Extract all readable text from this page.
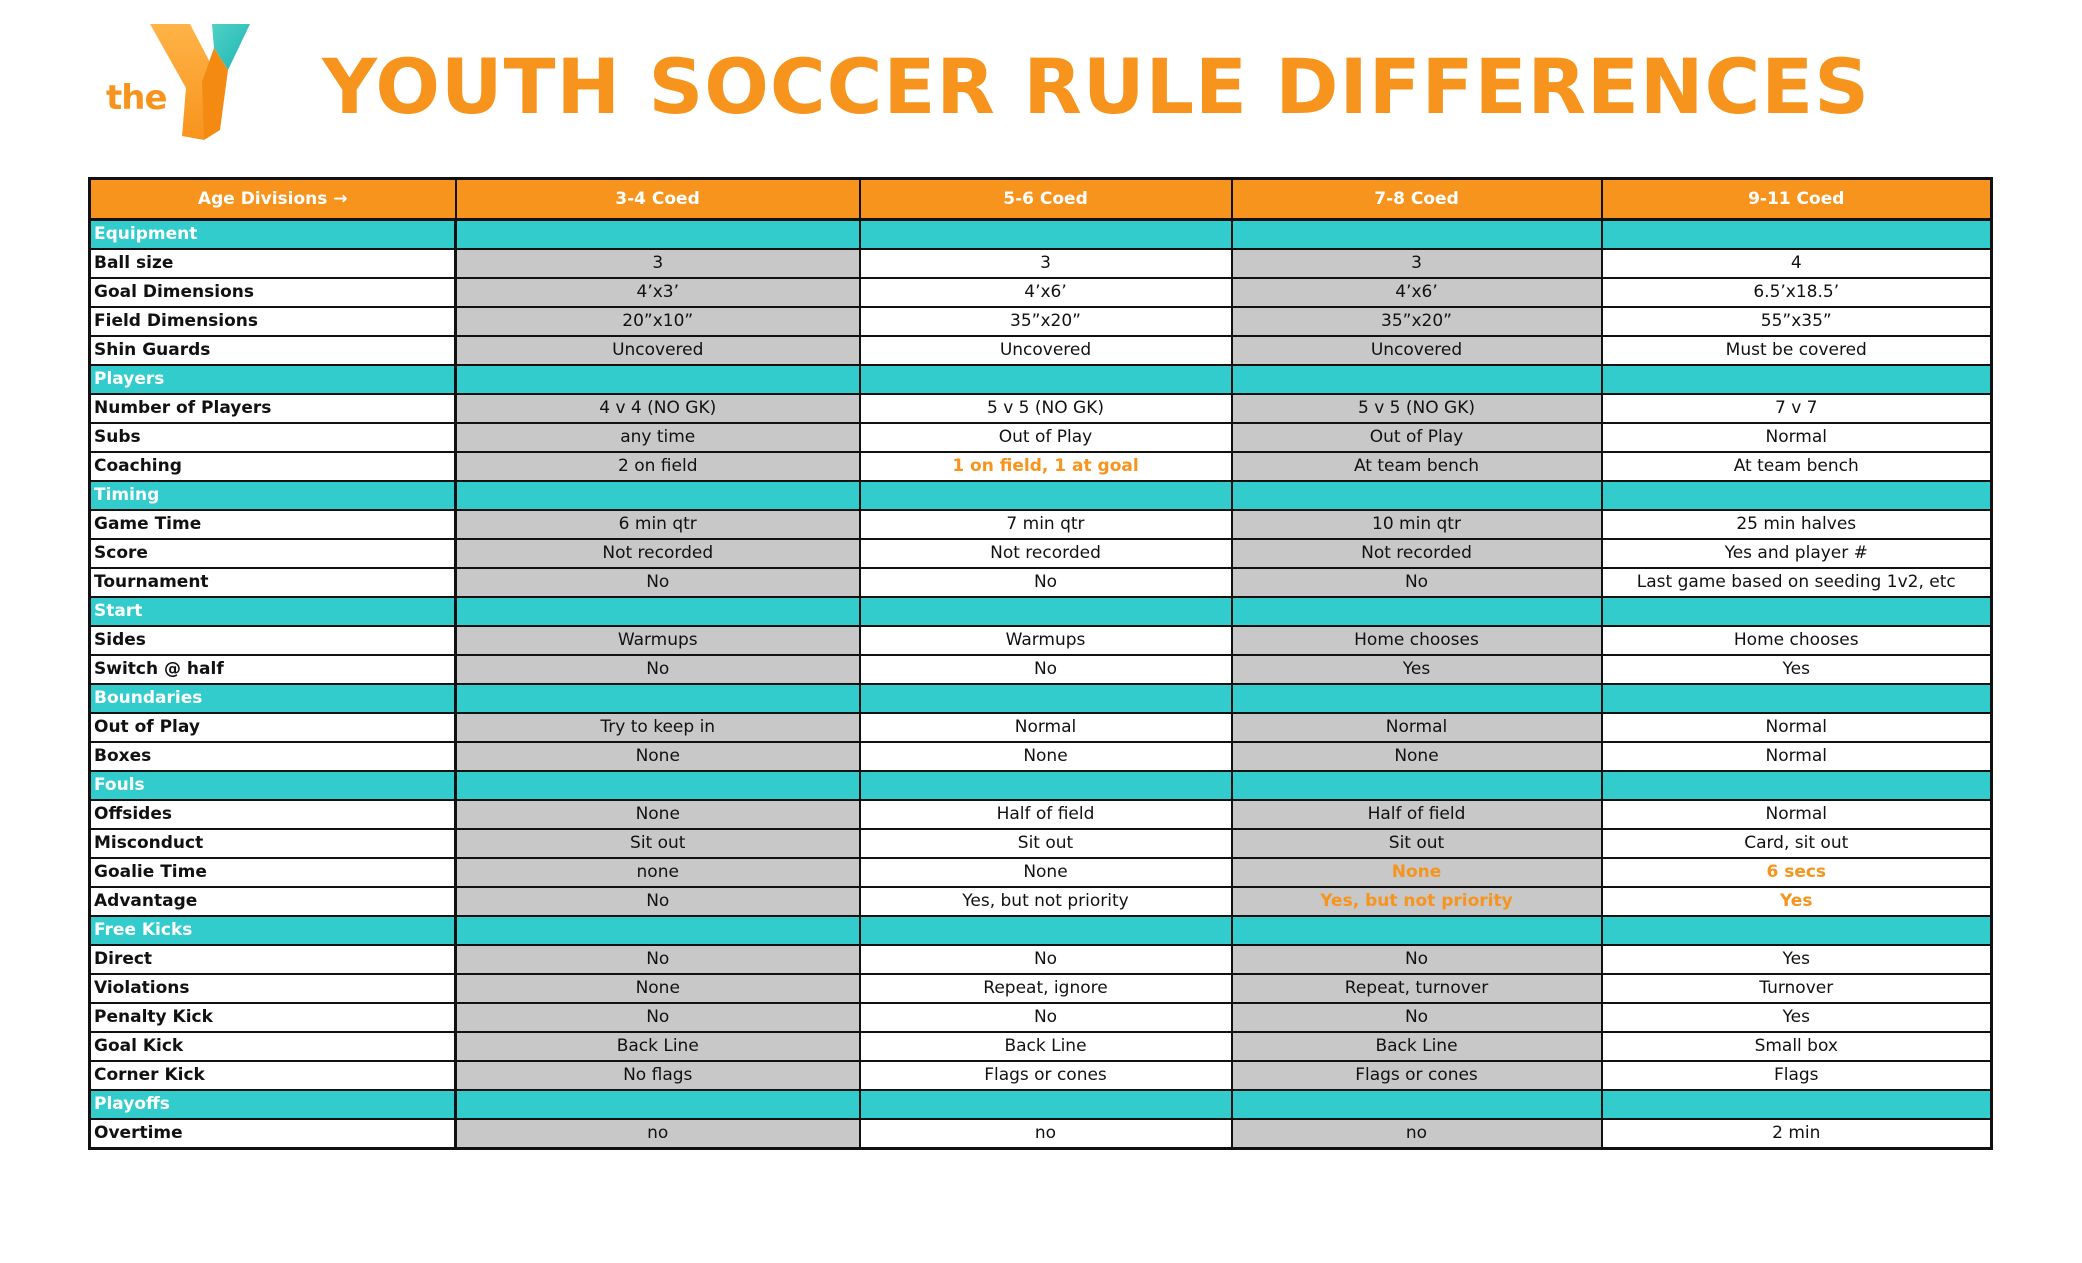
the YOUTH SOCCER RULE DIFFERENCES
Age Divisions →	3-4 Coed	5-6 Coed	7-8 Coed	9-11 Coed
Equipment				
Ball size	3	3	3	4
Goal Dimensions	4’x3’	4’x6’	4’x6’	6.5’x18.5’
Field Dimensions	20”x10”	35”x20”	35”x20”	55”x35”
Shin Guards	Uncovered	Uncovered	Uncovered	Must be covered
Players				
Number of Players	4 v 4 (NO GK)	5 v 5 (NO GK)	5 v 5 (NO GK)	7 v 7
Subs	any time	Out of Play	Out of Play	Normal
Coaching	2 on field	1 on field, 1 at goal	At team bench	At team bench
Timing				
Game Time	6 min qtr	7 min qtr	10 min qtr	25 min halves
Score	Not recorded	Not recorded	Not recorded	Yes and player #
Tournament	No	No	No	Last game based on seeding 1v2, etc
Start				
Sides	Warmups	Warmups	Home chooses	Home chooses
Switch @ half	No	No	Yes	Yes
Boundaries				
Out of Play	Try to keep in	Normal	Normal	Normal
Boxes	None	None	None	Normal
Fouls				
Offsides	None	Half of field	Half of field	Normal
Misconduct	Sit out	Sit out	Sit out	Card, sit out
Goalie Time	none	None	None	6 secs
Advantage	No	Yes, but not priority	Yes, but not priority	Yes
Free Kicks				
Direct	No	No	No	Yes
Violations	None	Repeat, ignore	Repeat, turnover	Turnover
Penalty Kick	No	No	No	Yes
Goal Kick	Back Line	Back Line	Back Line	Small box
Corner Kick	No flags	Flags or cones	Flags or cones	Flags
Playoffs				
Overtime	no	no	no	2 min
